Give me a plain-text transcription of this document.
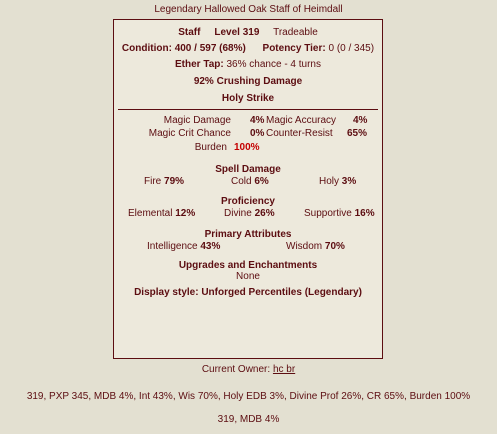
Legendary Hallowed Oak Staff of Heimdall
Staff Level 319 Tradeable
Condition: 400 / 597 (68%) Potency Tier: 0 (0 / 345)
Ether Tap: 36% chance - 4 turns
92% Crushing Damage
Holy Strike
Magic Damage 4% Magic Accuracy 4%
Magic Crit Chance 0% Counter-Resist 65%
Burden 100%
Spell Damage
Fire 79%	Cold 6%	Holy 3%
Proficiency
Elemental 12%	Divine 26%	Supportive 16%
Primary Attributes
Intelligence 43%	Wisdom 70%
Upgrades and Enchantments
None
Display style: Unforged Percentiles (Legendary)
Current Owner: hc br
319, PXP 345, MDB 4%, Int 43%, Wis 70%, Holy EDB 3%, Divine Prof 26%, CR 65%, Burden 100%
319, MDB 4%
